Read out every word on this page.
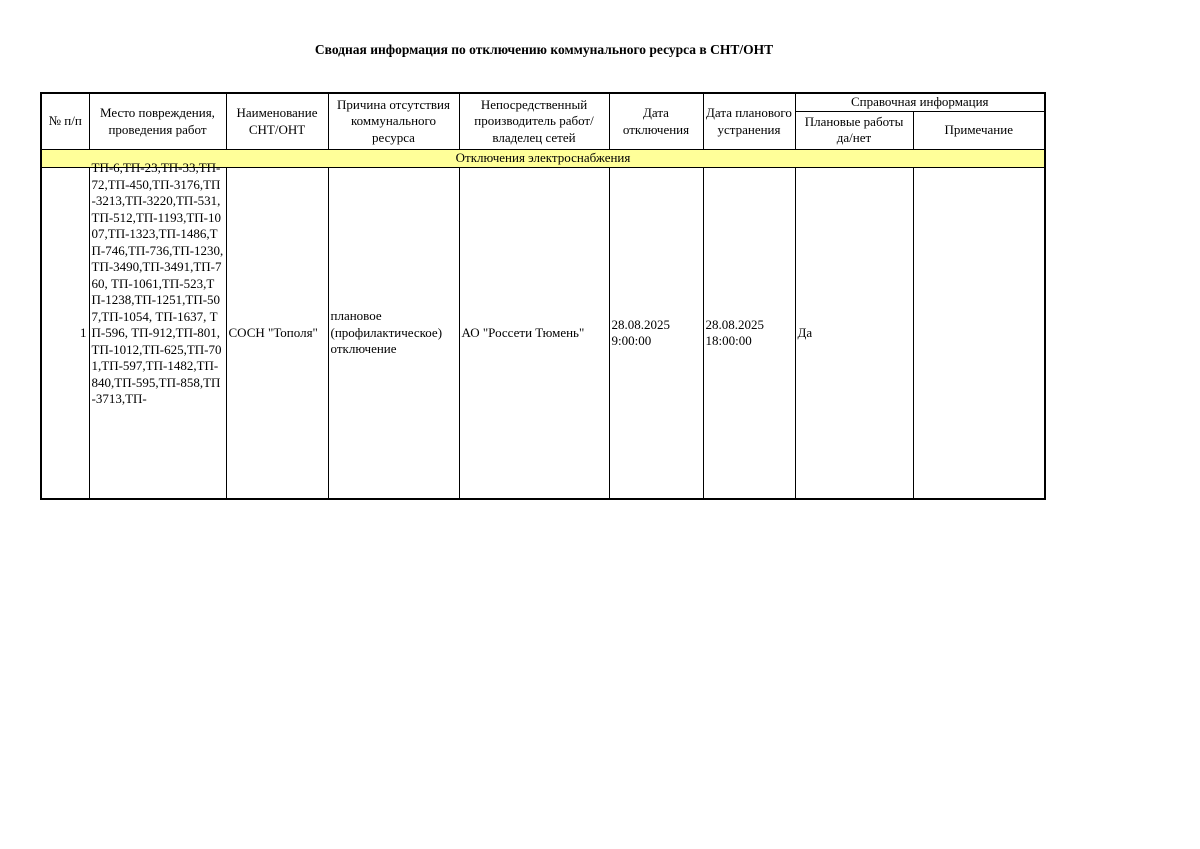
Сводная информация по отключению коммунального ресурса в СНТ/ОНТ
№ п/п	Место повреждения, проведения работ	Наименование СНТ/ОНТ	Причина отсутствия коммунального ресурса	Непосредственный производитель работ/ владелец сетей	Дата отключения	Дата планового устранения	Справочная информация	
							Плановые работы да/нет	Примечание
Отключения электроснабжения								
1	ТП-6,ТП-23,ТП-33,ТП-72,ТП-450,ТП-3176,ТП-3213,ТП-3220,ТП-531,ТП-512,ТП-1193,ТП-1007,ТП-1323,ТП-1486,ТП-746,ТП-736,ТП-1230,ТП-3490,ТП-3491,ТП-760, ТП-1061,ТП-523,ТП-1238,ТП-1251,ТП-507,ТП-1054, ТП-1637, ТП-596, ТП-912,ТП-801,ТП-1012,ТП-625,ТП-701,ТП-597,ТП-1482,ТП-840,ТП-595,ТП-858,ТП-3713,ТП-	СОСН "Тополя"	плановое (профилактическое) отключение	АО "Россети Тюмень"	28.08.2025 9:00:00	28.08.2025 18:00:00	Да	
